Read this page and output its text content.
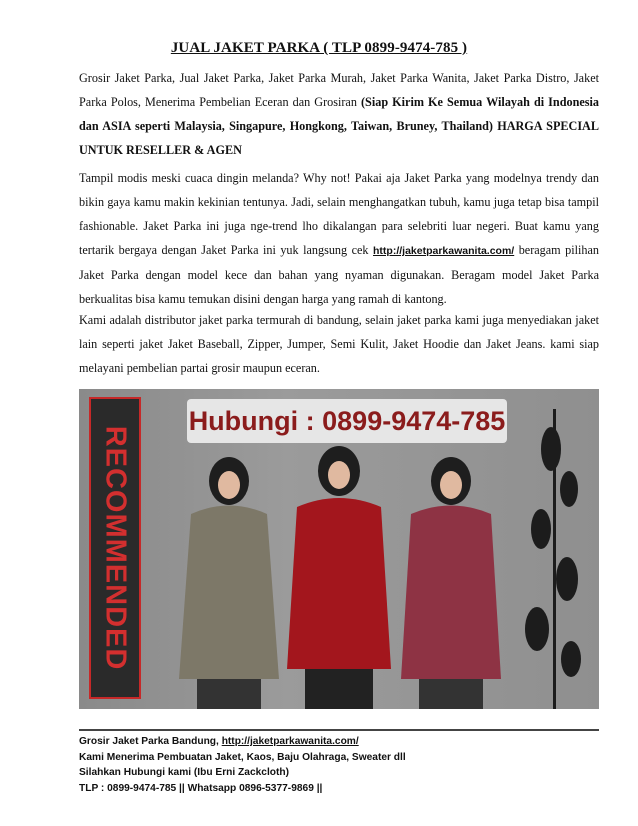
JUAL JAKET PARKA ( TLP 0899-9474-785 )
Grosir Jaket Parka, Jual Jaket Parka, Jaket Parka Murah, Jaket Parka Wanita, Jaket Parka Distro, Jaket Parka Polos, Menerima Pembelian Eceran dan Grosiran (Siap Kirim Ke Semua Wilayah di Indonesia dan ASIA seperti Malaysia, Singapure, Hongkong, Taiwan, Bruney, Thailand) HARGA SPECIAL UNTUK RESELLER & AGEN
Tampil modis meski cuaca dingin melanda? Why not! Pakai aja Jaket Parka yang modelnya trendy dan bikin gaya kamu makin kekinian tentunya. Jadi, selain menghangatkan tubuh, kamu juga tetap bisa tampil fashionable. Jaket Parka ini juga nge-trend lho dikalangan para selebriti luar negeri. Buat kamu yang tertarik bergaya dengan Jaket Parka ini yuk langsung cek http://jaketparkawanita.com/ beragam pilihan Jaket Parka dengan model kece dan bahan yang nyaman digunakan. Beragam model Jaket Parka berkualitas bisa kamu temukan disini dengan harga yang ramah di kantong.
Kami adalah distributor jaket parka termurah di bandung, selain jaket parka kami juga menyediakan jaket lain seperti jaket Jaket Baseball, Zipper, Jumper, Semi Kulit, Jaket Hoodie dan Jaket Jeans. kami siap melayani pembelian partai grosir maupun eceran.
RECOMMENDED
Hubungi : 0899-9474-785
Grosir Jaket Parka Bandung, http://jaketparkawanita.com/
Kami Menerima Pembuatan Jaket, Kaos, Baju Olahraga, Sweater dll
Silahkan Hubungi kami (Ibu Erni Zackcloth)
TLP : 0899-9474-785 || Whatsapp 0896-5377-9869 ||
